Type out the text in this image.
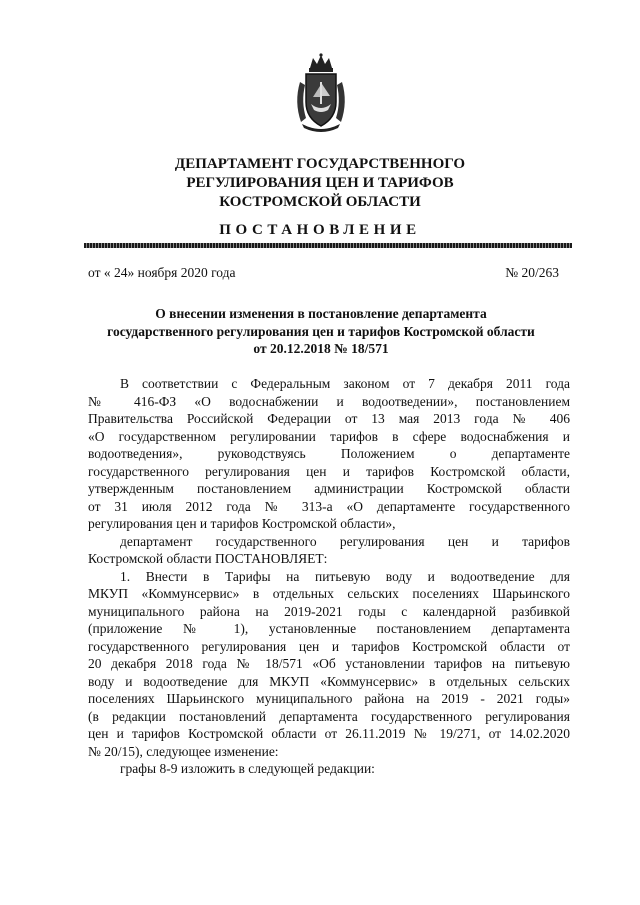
ДЕПАРТАМЕНТ ГОСУДАРСТВЕННОГО
РЕГУЛИРОВАНИЯ ЦЕН И ТАРИФОВ
КОСТРОМСКОЙ ОБЛАСТИ
ПОСТАНОВЛЕНИЕ
от « 24» ноября 2020 года	№ 20/263
О внесении изменения в постановление департамента
государственного регулирования цен и тарифов Костромской области
от 20.12.2018 № 18/571
В соответствии с Федеральным законом от 7 декабря 2011 года
№ 416-ФЗ «О водоснабжении и водоотведении», постановлением
Правительства Российской Федерации от 13 мая 2013 года № 406
«О государственном регулировании тарифов в сфере водоснабжения и
водоотведения», руководствуясь Положением о департаменте
государственного регулирования цен и тарифов Костромской области,
утвержденным постановлением администрации Костромской области
от 31 июля 2012 года № 313-а «О департаменте государственного
регулирования цен и тарифов Костромской области»,
департамент государственного регулирования цен и тарифов
Костромской области ПОСТАНОВЛЯЕТ:
1. Внести в Тарифы на питьевую воду и водоотведение для
МКУП «Коммунсервис» в отдельных сельских поселениях Шарьинского
муниципального района на 2019-2021 годы с календарной разбивкой
(приложение № 1), установленные постановлением департамента
государственного регулирования цен и тарифов Костромской области от
20 декабря 2018 года № 18/571 «Об установлении тарифов на питьевую
воду и водоотведение для МКУП «Коммунсервис» в отдельных сельских
поселениях Шарьинского муниципального района на 2019 - 2021 годы»
(в редакции постановлений департамента государственного регулирования
цен и тарифов Костромской области от 26.11.2019 № 19/271, от 14.02.2020
№ 20/15), следующее изменение:
графы 8-9 изложить в следующей редакции:
